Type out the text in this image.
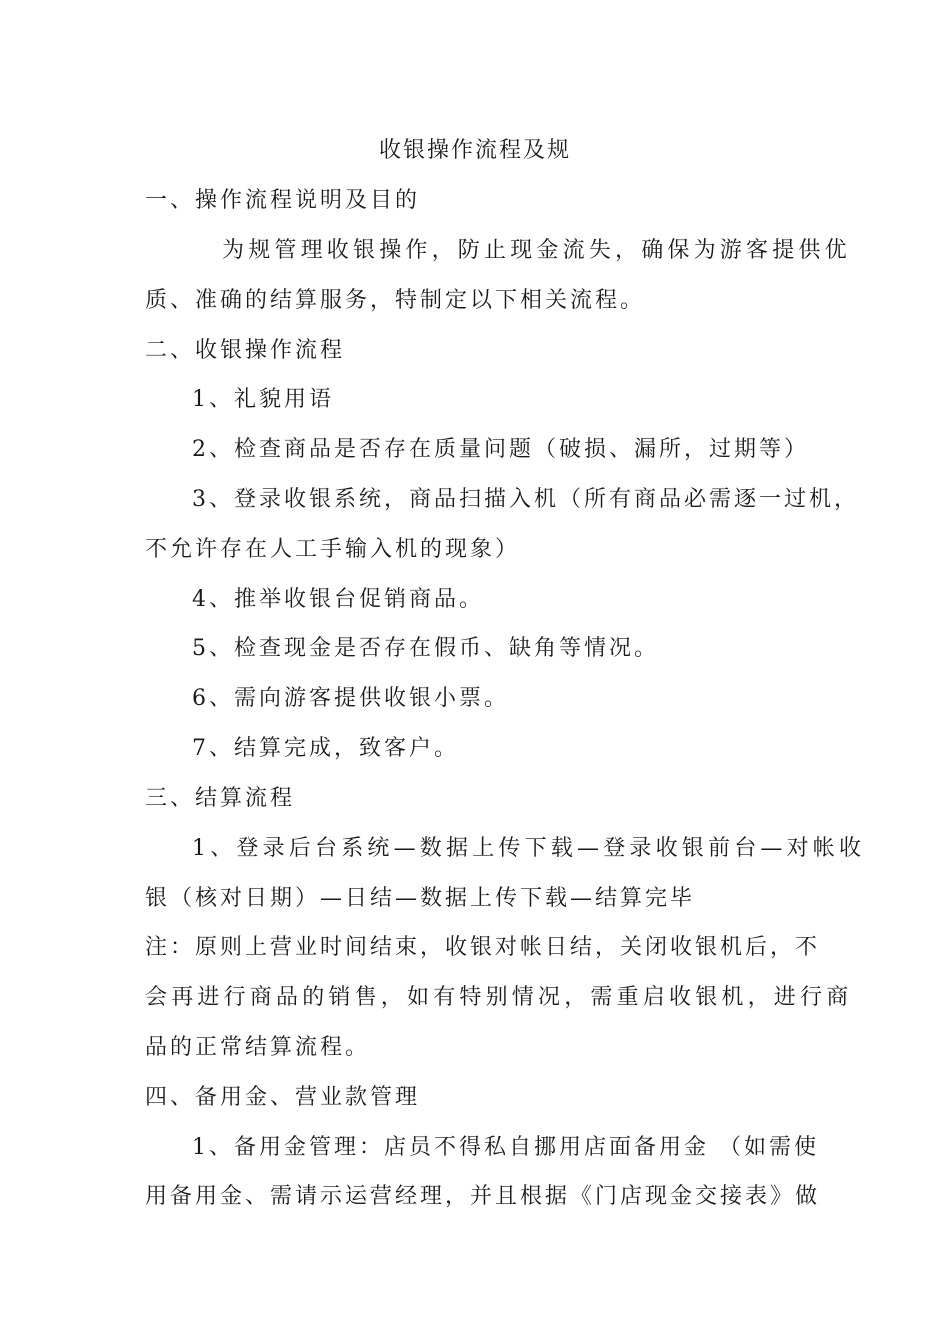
收银操作流程及规
一、操作流程说明及目的
为规管理收银操作，防止现金流失，确保为游客提供优
质、准确的结算服务，特制定以下相关流程。
二、收银操作流程
1、礼貌用语
2、检查商品是否存在质量问题（破损、漏所，过期等）
3、登录收银系统，商品扫描入机（所有商品必需逐一过机，
不允许存在人工手输入机的现象）
4、推举收银台促销商品。
5、检查现金是否存在假币、缺角等情况。
6、需向游客提供收银小票。
7、结算完成，致客户。
三、结算流程
1、登录后台系统—数据上传下载—登录收银前台—对帐收
银（核对日期）—日结—数据上传下载—结算完毕
注：原则上营业时间结束，收银对帐日结，关闭收银机后，不
会再进行商品的销售，如有特别情况，需重启收银机，进行商
品的正常结算流程。
四、备用金、营业款管理
1、备用金管理：店员不得私自挪用店面备用金 （如需使
用备用金、需请示运营经理，并且根据《门店现金交接表》做
